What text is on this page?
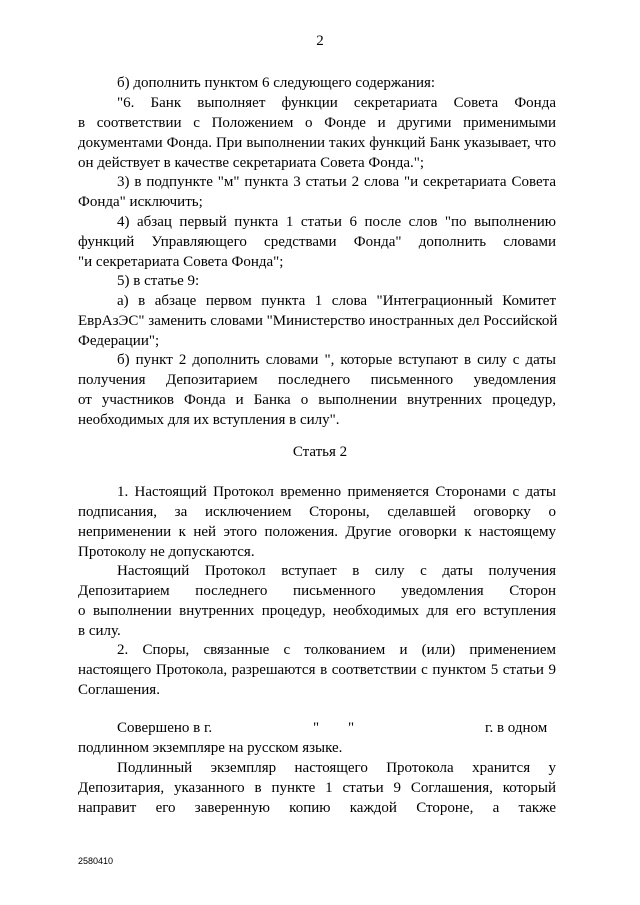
2
б) дополнить пунктом 6 следующего содержания:
"6. Банк выполняет функции секретариата Совета Фонда
в соответствии с Положением о Фонде и другими применимыми
документами Фонда. При выполнении таких функций Банк указывает, что
он действует в качестве секретариата Совета Фонда.";
3) в подпункте "м" пункта 3 статьи 2 слова "и секретариата Совета
Фонда" исключить;
4) абзац первый пункта 1 статьи 6 после слов "по выполнению
функций Управляющего средствами Фонда" дополнить словами
"и секретариата Совета Фонда";
5) в статье 9:
а) в абзаце первом пункта 1 слова "Интеграционный Комитет
ЕврАзЭС" заменить словами "Министерство иностранных дел Российской
Федерации";
б) пункт 2 дополнить словами ", которые вступают в силу с даты
получения Депозитарием последнего письменного уведомления
от участников Фонда и Банка о выполнении внутренних процедур,
необходимых для их вступления в силу".
Статья 2
1. Настоящий Протокол временно применяется Сторонами с даты
подписания, за исключением Стороны, сделавшей оговорку о
неприменении к ней этого положения. Другие оговорки к настоящему
Протоколу не допускаются.
Настоящий Протокол вступает в силу с даты получения
Депозитарием последнего письменного уведомления Сторон
о выполнении внутренних процедур, необходимых для его вступления
в силу.
2. Споры, связанные с толкованием и (или) применением
настоящего Протокола, разрешаются в соответствии с пунктом 5 статьи 9
Соглашения.
Совершено в г.	" "	г. в одном
подлинном экземпляре на русском языке.
Подлинный экземпляр настоящего Протокола хранится у
Депозитария, указанного в пункте 1 статьи 9 Соглашения, который
направит его заверенную копию каждой Стороне, а также
2580410
